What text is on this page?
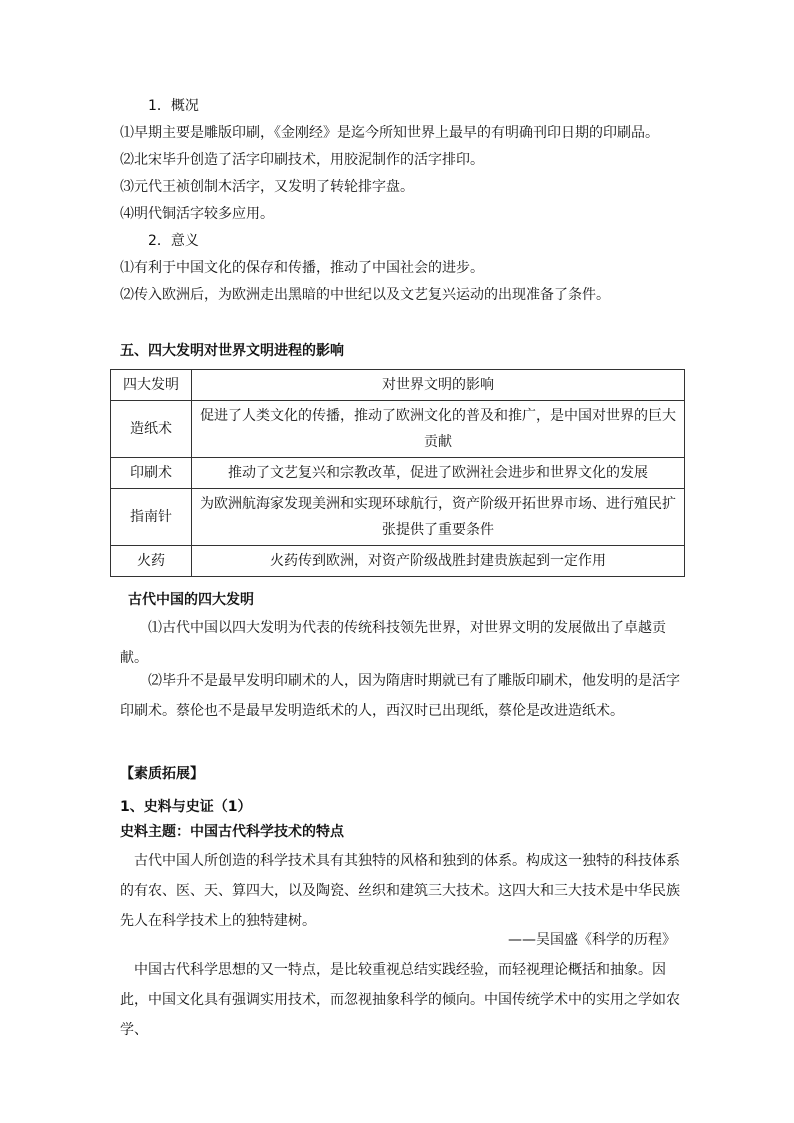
1．概况
⑴早期主要是雕版印刷，《金刚经》是迄今所知世界上最早的有明确刊印日期的印刷品。
⑵北宋毕升创造了活字印刷技术，用胶泥制作的活字排印。
⑶元代王祯创制木活字，又发明了转轮排字盘。
⑷明代铜活字较多应用。
2．意义
⑴有利于中国文化的保存和传播，推动了中国社会的进步。
⑵传入欧洲后，为欧洲走出黑暗的中世纪以及文艺复兴运动的出现准备了条件。
五、四大发明对世界文明进程的影响
四大发明	对世界文明的影响
造纸术	促进了人类文化的传播，推动了欧洲文化的普及和推广，是中国对世界的巨大贡献
印刷术	推动了文艺复兴和宗教改革，促进了欧洲社会进步和世界文化的发展
指南针	为欧洲航海家发现美洲和实现环球航行，资产阶级开拓世界市场、进行殖民扩张提供了重要条件
火药	火药传到欧洲，对资产阶级战胜封建贵族起到一定作用
古代中国的四大发明
⑴古代中国以四大发明为代表的传统科技领先世界，对世界文明的发展做出了卓越贡献。
⑵毕升不是最早发明印刷术的人，因为隋唐时期就已有了雕版印刷术，他发明的是活字印刷术。蔡伦也不是最早发明造纸术的人，西汉时已出现纸，蔡伦是改进造纸术。
【素质拓展】
1、史料与史证（1）
史料主题：中国古代科学技术的特点
古代中国人所创造的科学技术具有其独特的风格和独到的体系。构成这一独特的科技体系的有农、医、天、算四大，以及陶瓷、丝织和建筑三大技术。这四大和三大技术是中华民族先人在科学技术上的独特建树。
——吴国盛《科学的历程》
中国古代科学思想的又一特点，是比较重视总结实践经验，而轻视理论概括和抽象。因此，中国文化具有强调实用技术，而忽视抽象科学的倾向。中国传统学术中的实用之学如农学、
